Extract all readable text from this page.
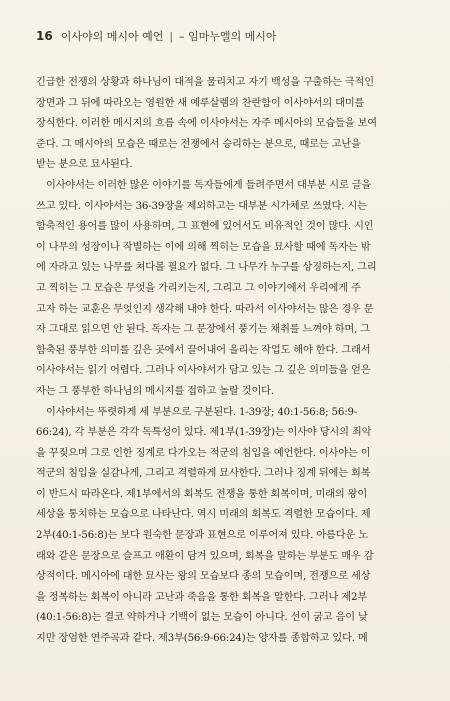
16 이사야의 메시아 예언 | – 임마누엘의 메시아

긴급한 전쟁의 상황과 하나님이 대적을 물리치고 자기 백성을 구출하는 극적인
장면과 그 뒤에 따라오는 영원한 새 예루살렘의 찬란함이 이사야서의 대미를
장식한다. 이러한 메시지의 흐름 속에 이사야서는 자주 메시아의 모습들을 보여
준다. 그 메시아의 모습은 때로는 전쟁에서 승리하는 분으로, 때로는 고난을
받는 분으로 묘사된다.

이사야서는 이러한 많은 이야기를 독자들에게 들려주면서 대부분 시로 글을
쓰고 있다. 이사야서는 36-39장을 제외하고는 대부분 시가체로 쓰였다. 시는
함축적인 용어를 많이 사용하며, 그 표현에 있어서도 비유적인 것이 많다. 시인
이 나무의 성장이나 작별하는 이에 의해 찍히는 모습을 묘사할 때에 독자는 밖
에 자라고 있는 나무를 쳐다볼 필요가 없다. 그 나무가 누구를 상징하는지, 그리
고 찍히는 그 모습은 무엇을 가리키는지, 그리고 그 이야기에서 우리에게 주
고자 하는 교훈은 무엇인지 생각해 내야 한다. 따라서 이사야서는 많은 경우 문
자 그대로 읽으면 안 된다. 독자는 그 문장에서 풍기는 채취를 느껴야 하며, 그
함축된 풍부한 의미를 깊은 곳에서 끌어내어 올리는 작업도 해야 한다. 그래서
이사야서는 읽기 어렵다. 그러나 이사야서가 담고 있는 그 깊은 의미들을 얻은
자는 그 풍부한 하나님의 메시지를 접하고 놀랄 것이다.

이사야서는 뚜렷하게 세 부분으로 구분된다. 1-39장; 40:1-56:8; 56:9-
66:24), 각 부분은 각각 독특성이 있다. 제1부(1-39장)는 이사야 당시의 죄악
을 꾸짖으며 그로 인한 징계로 다가오는 적군의 침입을 예언한다. 이사야는 이
적군의 침입을 실감나게, 그리고 격렬하게 묘사한다. 그러나 징계 뒤에는 회복
이 반드시 따라온다. 제1부에서의 회복도 전쟁을 통한 회복이며, 미래의 왕이
세상을 통치하는 모습으로 나타난다. 역시 미래의 회복도 격렬한 모습이다. 제
2부(40:1-56:8)는 보다 원숙한 문장과 표현으로 이루어져 있다. 아름다운 노
래와 같은 문장으로 슬프고 애환이 담겨 있으며, 회복을 말하는 부분도 매우 감
상적이다. 메시아에 대한 묘사는 왕의 모습보다 종의 모습이며, 전쟁으로 세상
을 정복하는 회복이 아니라 고난과 죽음을 통한 회복을 말한다. 그러나 제2부
(40:1-56:8)는 결코 약하거나 기백이 없는 모습이 아니다. 선이 굵고 음이 낮
지만 장엄한 연주곡과 같다. 제3부(56:9-66:24)는 양자를 종합하고 있다. 메
